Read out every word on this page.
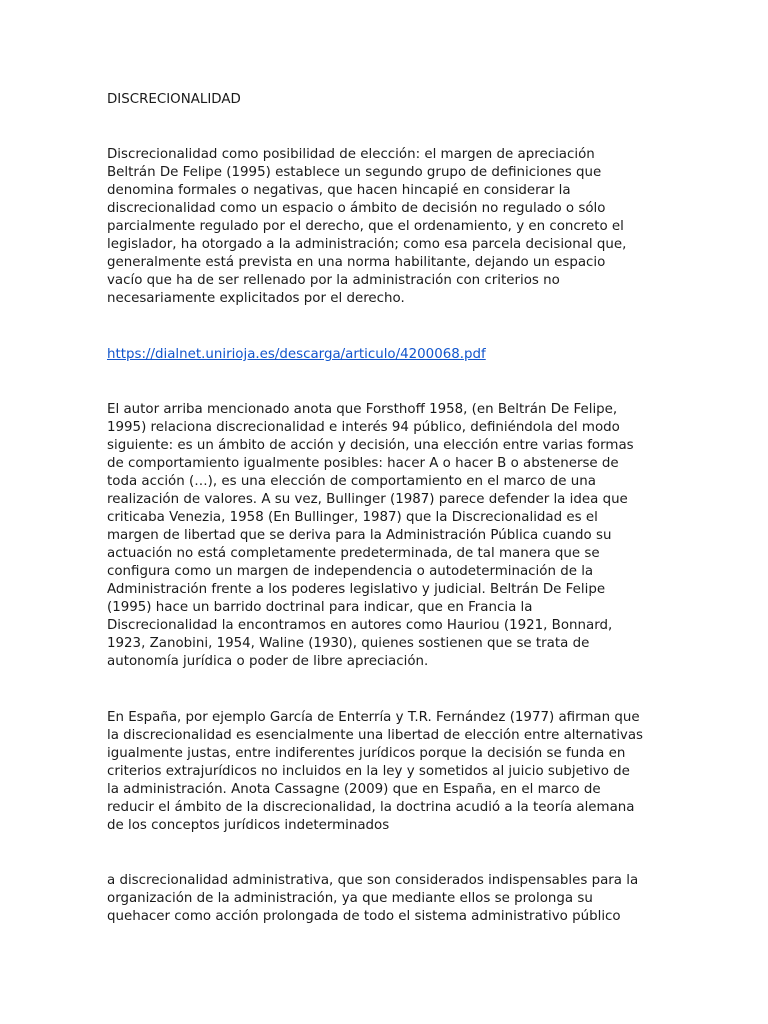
DISCRECIONALIDAD

Discrecionalidad como posibilidad de elección: el margen de apreciación
Beltrán De Felipe (1995) establece un segundo grupo de definiciones que
denomina formales o negativas, que hacen hincapié en considerar la
discrecionalidad como un espacio o ámbito de decisión no regulado o sólo
parcialmente regulado por el derecho, que el ordenamiento, y en concreto el
legislador, ha otorgado a la administración; como esa parcela decisional que,
generalmente está prevista en una norma habilitante, dejando un espacio
vacío que ha de ser rellenado por la administración con criterios no
necesariamente explicitados por el derecho.

https://dialnet.unirioja.es/descarga/articulo/4200068.pdf

El autor arriba mencionado anota que Forsthoff 1958, (en Beltrán De Felipe,
1995) relaciona discrecionalidad e interés 94 público, definiéndola del modo
siguiente: es un ámbito de acción y decisión, una elección entre varias formas
de comportamiento igualmente posibles: hacer A o hacer B o abstenerse de
toda acción (…), es una elección de comportamiento en el marco de una
realización de valores. A su vez, Bullinger (1987) parece defender la idea que
criticaba Venezia, 1958 (En Bullinger, 1987) que la Discrecionalidad es el
margen de libertad que se deriva para la Administración Pública cuando su
actuación no está completamente predeterminada, de tal manera que se
configura como un margen de independencia o autodeterminación de la
Administración frente a los poderes legislativo y judicial. Beltrán De Felipe
(1995) hace un barrido doctrinal para indicar, que en Francia la
Discrecionalidad la encontramos en autores como Hauriou (1921, Bonnard,
1923, Zanobini, 1954, Waline (1930), quienes sostienen que se trata de
autonomía jurídica o poder de libre apreciación.

En España, por ejemplo García de Enterría y T.R. Fernández (1977) afirman que
la discrecionalidad es esencialmente una libertad de elección entre alternativas
igualmente justas, entre indiferentes jurídicos porque la decisión se funda en
criterios extrajurídicos no incluidos en la ley y sometidos al juicio subjetivo de
la administración. Anota Cassagne (2009) que en España, en el marco de
reducir el ámbito de la discrecionalidad, la doctrina acudió a la teoría alemana
de los conceptos jurídicos indeterminados

a discrecionalidad administrativa, que son considerados indispensables para la
organización de la administración, ya que mediante ellos se prolonga su
quehacer como acción prolongada de todo el sistema administrativo público
